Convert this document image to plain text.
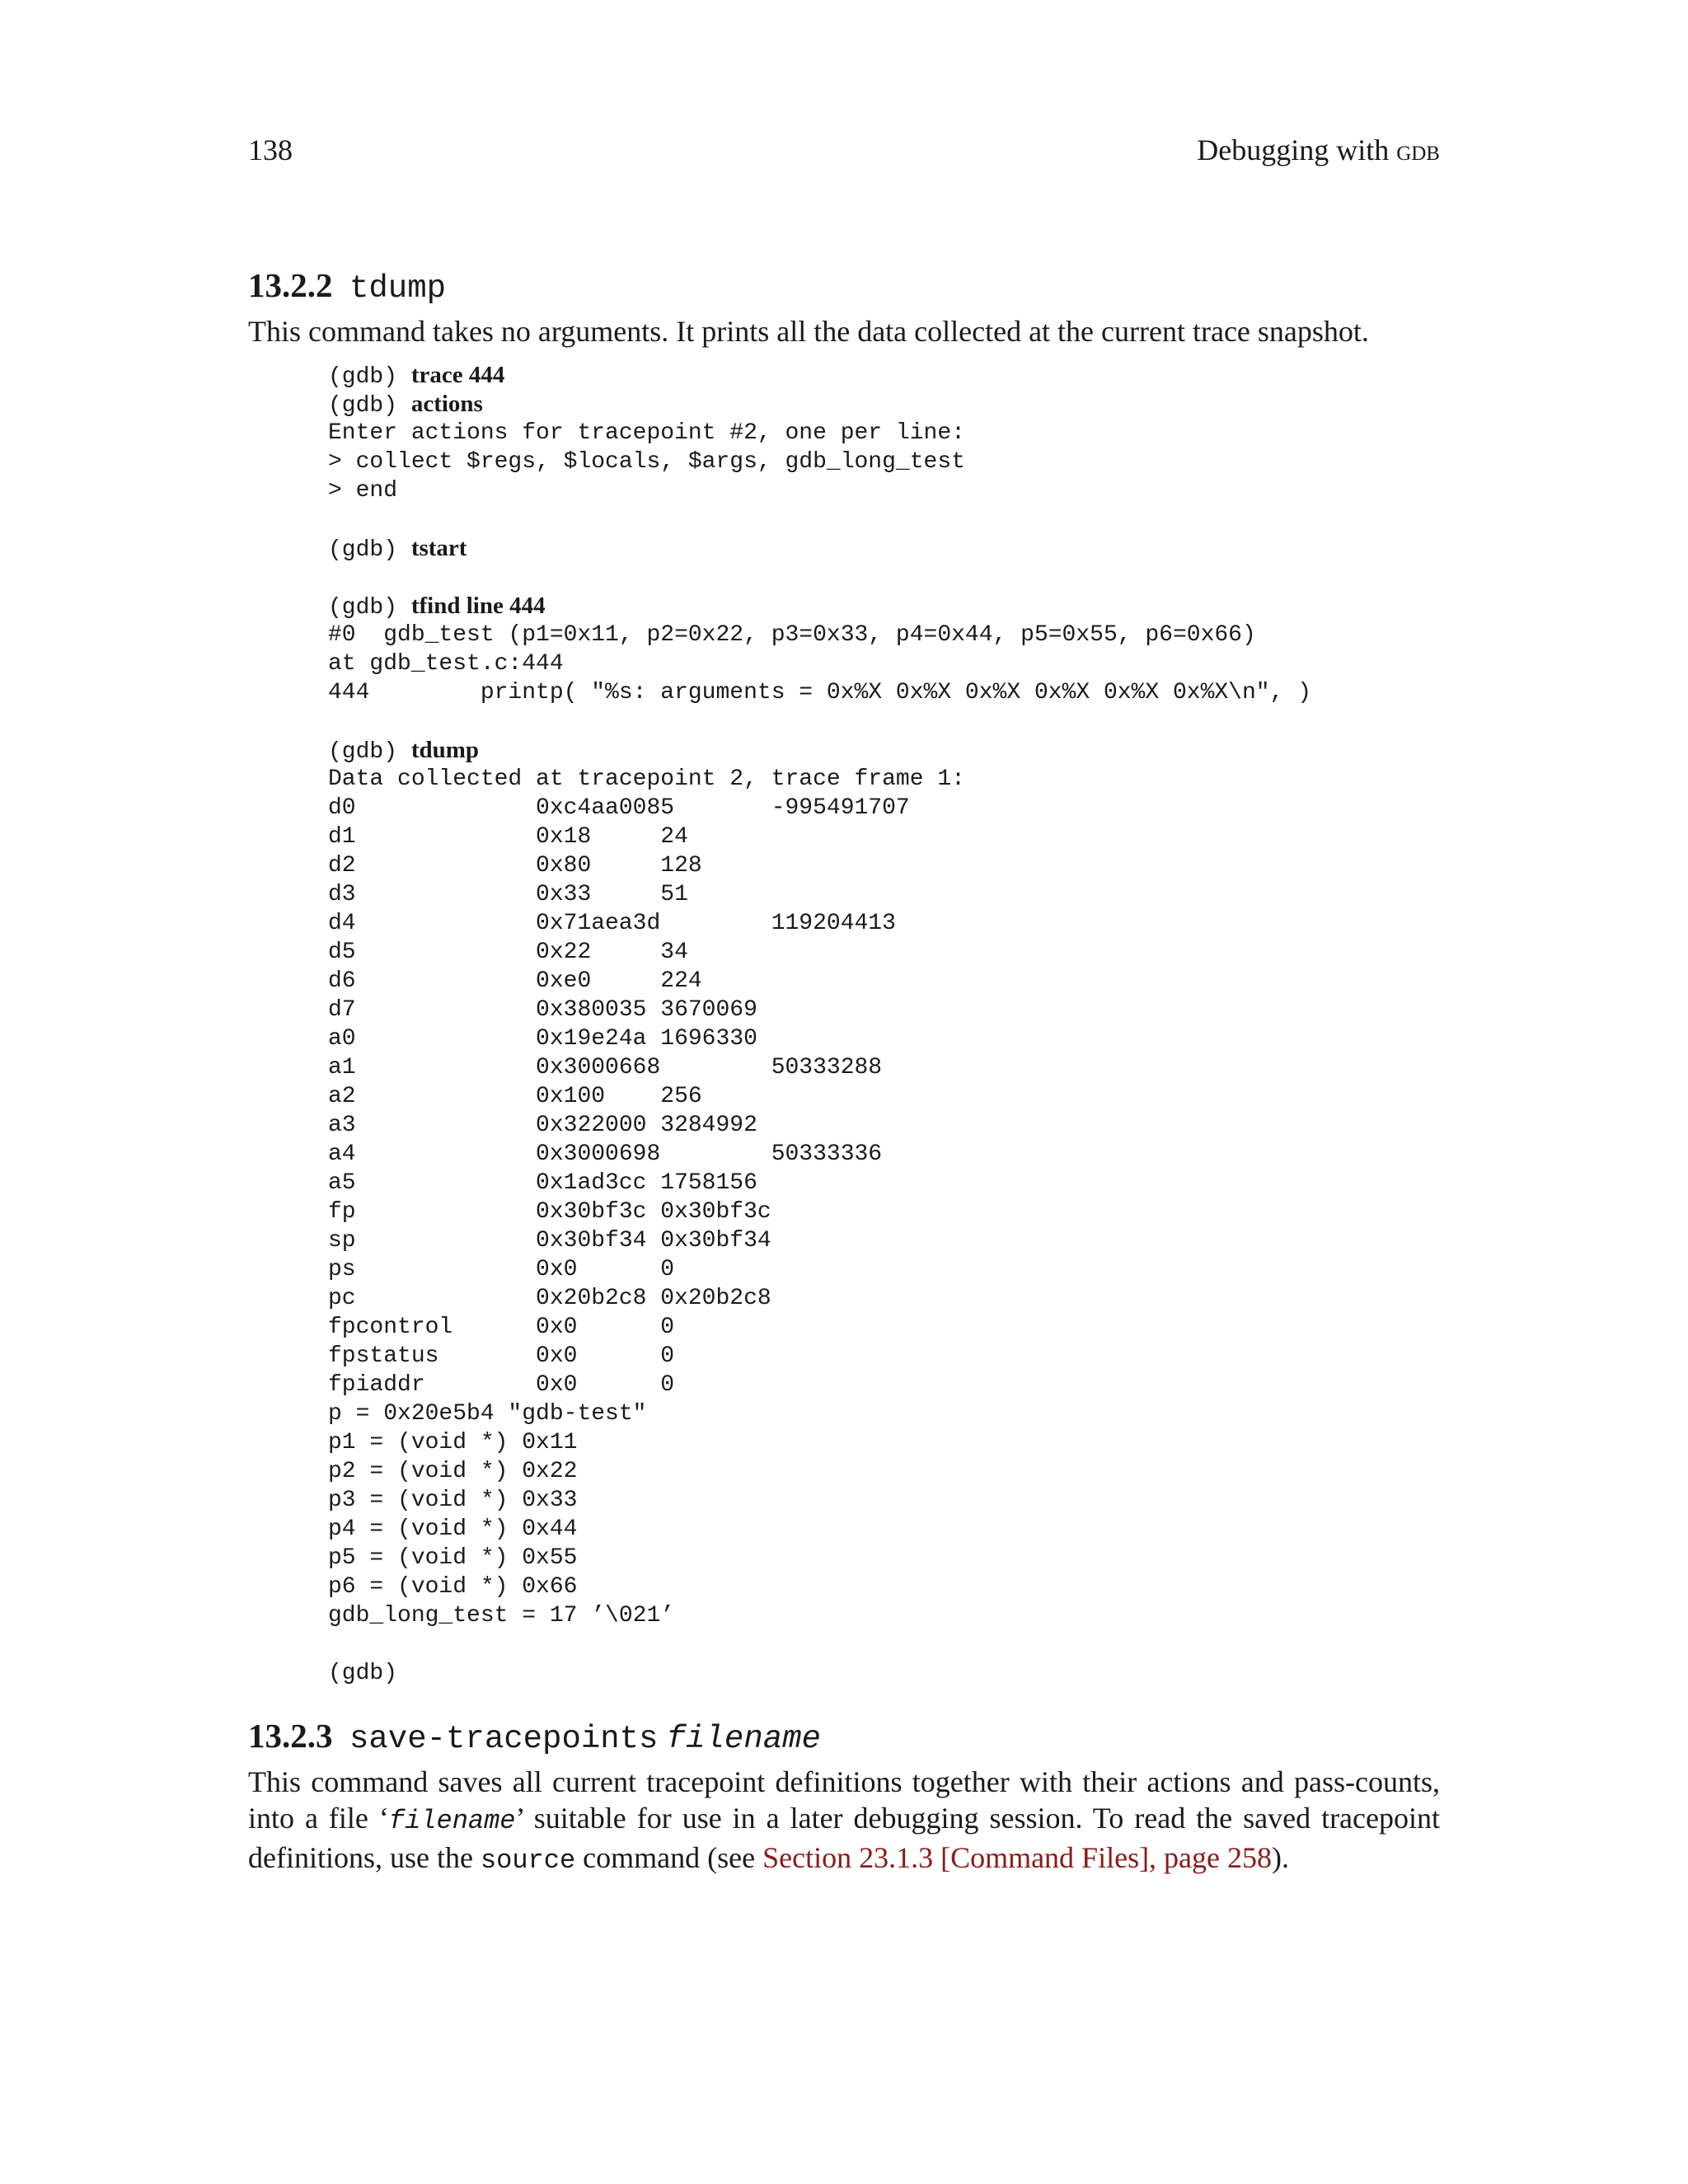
138	Debugging with gdb
13.2.2 tdump

This command takes no arguments. It prints all the data collected at the current trace snapshot.

(gdb) trace 444
(gdb) actions
Enter actions for tracepoint #2, one per line:
> collect $regs, $locals, $args, gdb_long_test
> end
(gdb) tstart
(gdb) tfind line 444
#0  gdb_test (p1=0x11, p2=0x22, p3=0x33, p4=0x44, p5=0x55, p6=0x66)
at gdb_test.c:444
444        printp( "%s: arguments = 0x%X 0x%X 0x%X 0x%X 0x%X 0x%X\n", )
(gdb) tdump
Data collected at tracepoint 2, trace frame 1:
d0             0xc4aa0085       -995491707
d1             0x18     24
d2             0x80     128
d3             0x33     51
d4             0x71aea3d        119204413
d5             0x22     34
d6             0xe0     224
d7             0x380035 3670069
a0             0x19e24a 1696330
a1             0x3000668        50333288
a2             0x100    256
a3             0x322000 3284992
a4             0x3000698        50333336
a5             0x1ad3cc 1758156
fp             0x30bf3c 0x30bf3c
sp             0x30bf34 0x30bf34
ps             0x0      0
pc             0x20b2c8 0x20b2c8
fpcontrol      0x0      0
fpstatus       0x0      0
fpiaddr        0x0      0
p = 0x20e5b4 "gdb-test"
p1 = (void *) 0x11
p2 = (void *) 0x22
p3 = (void *) 0x33
p4 = (void *) 0x44
p5 = (void *) 0x55
p6 = (void *) 0x66
gdb_long_test = 17 ’\021’
(gdb)
13.2.3 save-tracepoints filename

This command saves all current tracepoint definitions together with their actions and pass-counts, into a file ‘filename’ suitable for use in a later debugging session. To read the saved tracepoint definitions, use the source command (see Section 23.1.3 [Command Files], page 258).
